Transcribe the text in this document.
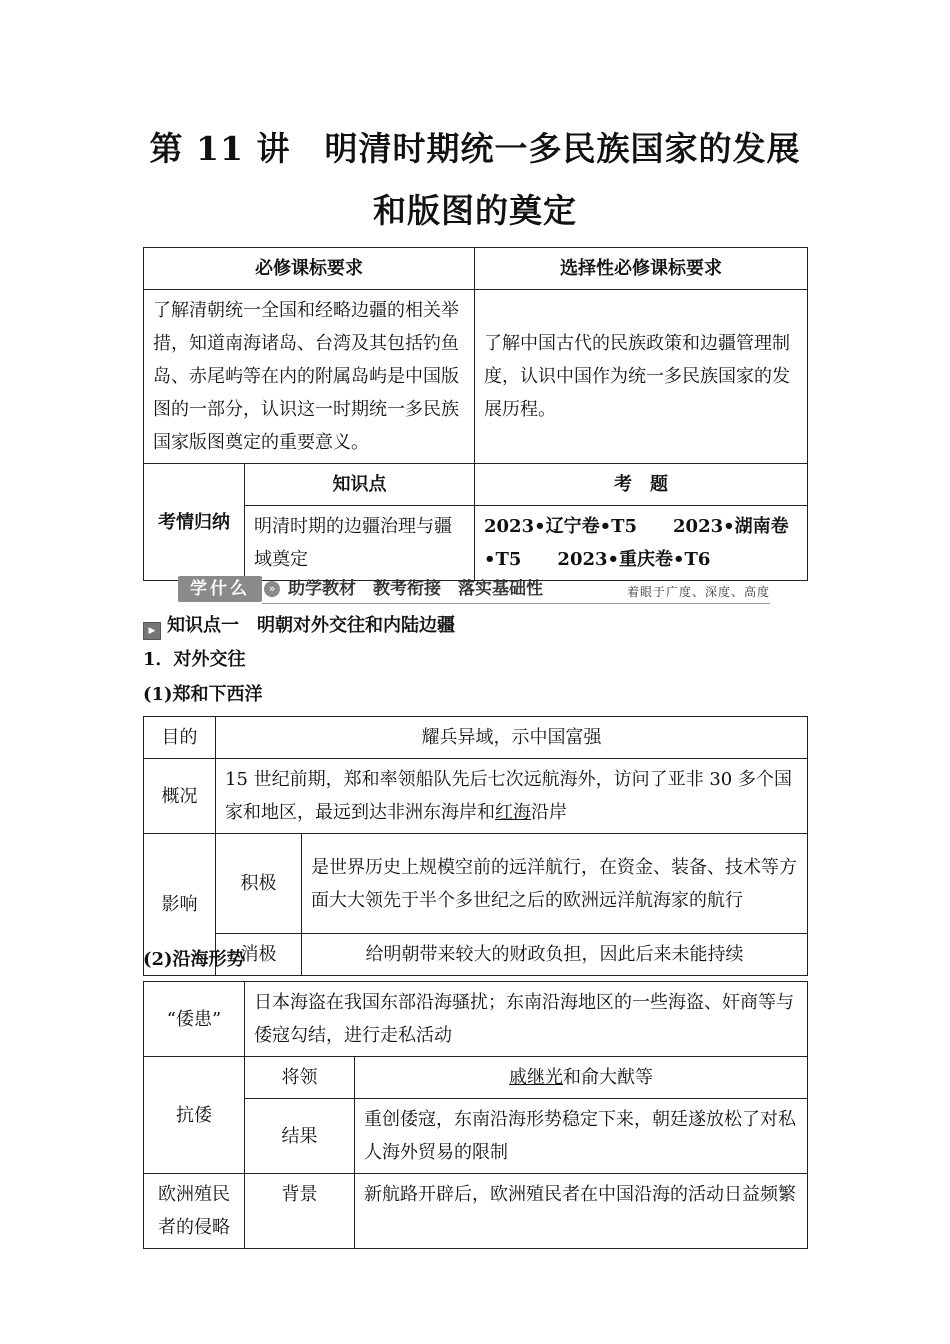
第 11 讲　明清时期统一多民族国家的发展
和版图的奠定
必修课标要求		选择性必修课标要求
了解清朝统一全国和经略边疆的相关举措，知道南海诸岛、台湾及其包括钓鱼岛、赤尾屿等在内的附属岛屿是中国版图的一部分，认识这一时期统一多民族国家版图奠定的重要意义。		了解中国古代的民族政策和边疆管理制度，认识中国作为统一多民族国家的发展历程。
考情归纳	知识点	考　题
	明清时期的边疆治理与疆域奠定	2023•辽宁卷•T5　　2023•湖南卷•T5　　2023•重庆卷•T6
学什么	» 助学教材　教考衔接　落实基础性	着眼于广度、深度、高度
▶ 知识点一　明朝对外交往和内陆边疆
1．对外交往
(1)郑和下西洋
目的	耀兵异域，示中国富强	
概况	15 世纪前期，郑和率领船队先后七次远航海外，访问了亚非 30 多个国家和地区，最远到达非洲东海岸和红海沿岸	
影响	积极	是世界历史上规模空前的远洋航行，在资金、装备、技术等方面大大领先于半个多世纪之后的欧洲远洋航海家的航行
	消极	给明朝带来较大的财政负担，因此后来未能持续
(2)沿海形势
“倭患”	日本海盗在我国东部沿海骚扰；东南沿海地区的一些海盗、奸商等与倭寇勾结，进行走私活动	
抗倭	将领	戚继光和俞大猷等
	结果	重创倭寇，东南沿海形势稳定下来，朝廷遂放松了对私人海外贸易的限制
欧洲殖民者的侵略	背景	新航路开辟后，欧洲殖民者在中国沿海的活动日益频繁
